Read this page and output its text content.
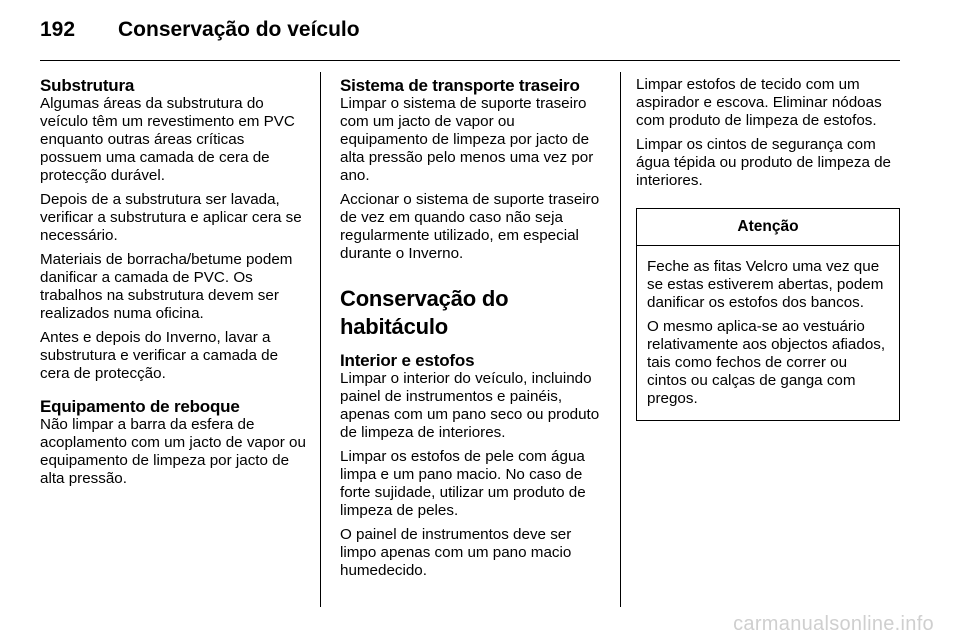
192	Conservação do veículo
Substrutura

Algumas áreas da substrutura do veículo têm um revestimento em PVC enquanto outras áreas críticas possuem uma camada de cera de protecção durável.

Depois de a substrutura ser lavada, verificar a substrutura e aplicar cera se necessário.

Materiais de borracha/betume podem danificar a camada de PVC. Os trabalhos na substrutura devem ser realizados numa oficina.

Antes e depois do Inverno, lavar a substrutura e verificar a camada de cera de protecção.

Equipamento de reboque

Não limpar a barra da esfera de acoplamento com um jacto de vapor ou equipamento de limpeza por jacto de alta pressão.

Sistema de transporte traseiro

Limpar o sistema de suporte traseiro com um jacto de vapor ou equipamento de limpeza por jacto de alta pressão pelo menos uma vez por ano.

Accionar o sistema de suporte traseiro de vez em quando caso não seja regularmente utilizado, em especial durante o Inverno.

Conservação do habitáculo
Interior e estofos

Limpar o interior do veículo, incluindo painel de instrumentos e painéis, apenas com um pano seco ou produto de limpeza de interiores.

Limpar os estofos de pele com água limpa e um pano macio. No caso de forte sujidade, utilizar um produto de limpeza de peles.

O painel de instrumentos deve ser limpo apenas com um pano macio humedecido.

Limpar estofos de tecido com um aspirador e escova. Eliminar nódoas com produto de limpeza de estofos.

Limpar os cintos de segurança com água tépida ou produto de limpeza de interiores.

Atenção

Feche as fitas Velcro uma vez que se estas estiverem abertas, podem danificar os estofos dos bancos.

O mesmo aplica-se ao vestuário relativamente aos objectos afiados, tais como fechos de correr ou cintos ou calças de ganga com pregos.

carmanualsonline.info
